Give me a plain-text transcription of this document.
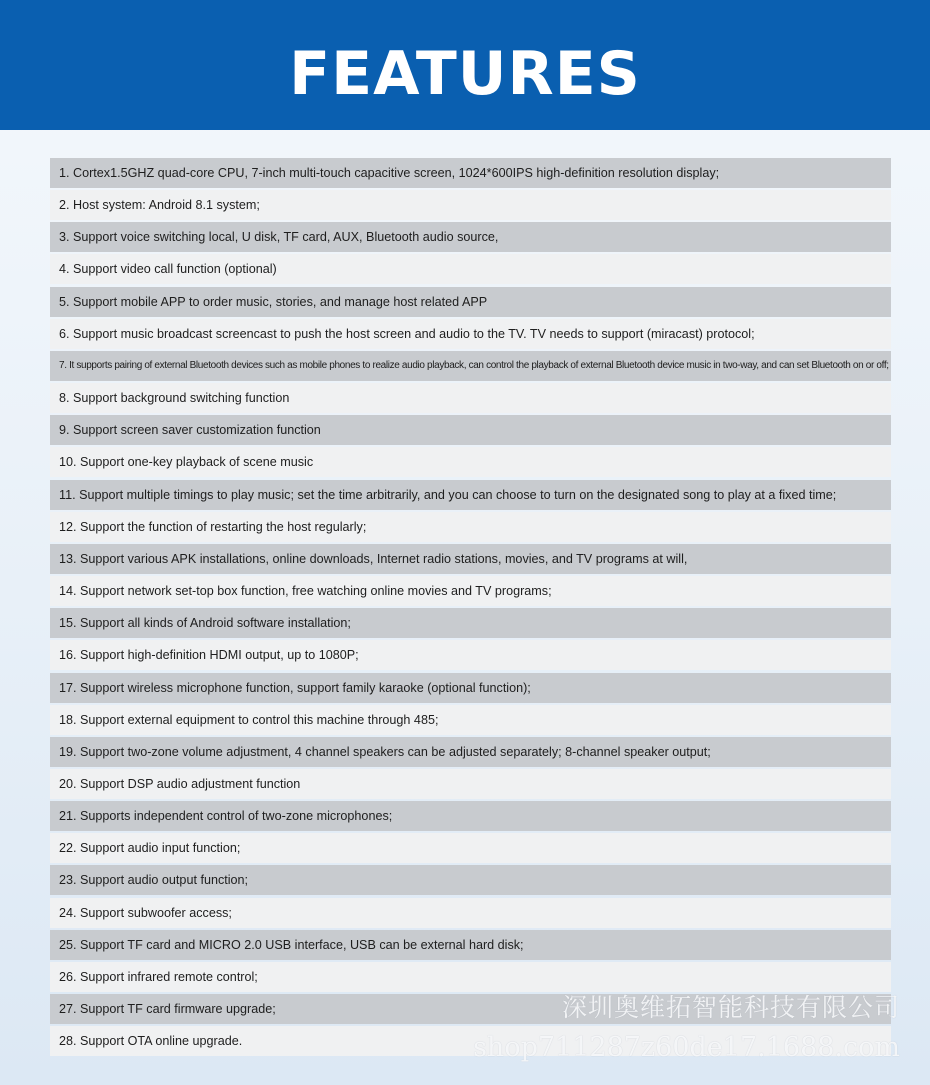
FEATURES
1. Cortex1.5GHZ quad-core CPU, 7-inch multi-touch capacitive screen, 1024*600IPS high-definition resolution display;
2. Host system: Android 8.1 system;
3. Support voice switching local, U disk, TF card, AUX, Bluetooth audio source,
4. Support video call function (optional)
5. Support mobile APP to order music, stories, and manage host related APP
6. Support music broadcast screencast to push the host screen and audio to the TV. TV needs to support (miracast) protocol;
7. It supports pairing of external Bluetooth devices such as mobile phones to realize audio playback, can control the playback of external Bluetooth device music in two-way, and can set Bluetooth on or off;
8. Support background switching function
9. Support screen saver customization function
10. Support one-key playback of scene music
11. Support multiple timings to play music; set the time arbitrarily, and you can choose to turn on the designated song to play at a fixed time;
12. Support the function of restarting the host regularly;
13. Support various APK installations, online downloads, Internet radio stations, movies, and TV programs at will,
14. Support network set-top box function, free watching online movies and TV programs;
15. Support all kinds of Android software installation;
16. Support high-definition HDMI output, up to 1080P;
17. Support wireless microphone function, support family karaoke (optional function);
18. Support external equipment to control this machine through 485;
19. Support two-zone volume adjustment, 4 channel speakers can be adjusted separately; 8-channel speaker output;
20. Support DSP audio adjustment function
21. Supports independent control of two-zone microphones;
22. Support audio input function;
23. Support audio output function;
24. Support subwoofer access;
25. Support TF card and MICRO 2.0 USB interface, USB can be external hard disk;
26. Support infrared remote control;
27. Support TF card firmware upgrade;
28. Support OTA online upgrade.
深圳奥维拓智能科技有限公司
shop711287z60de17.1688.com
